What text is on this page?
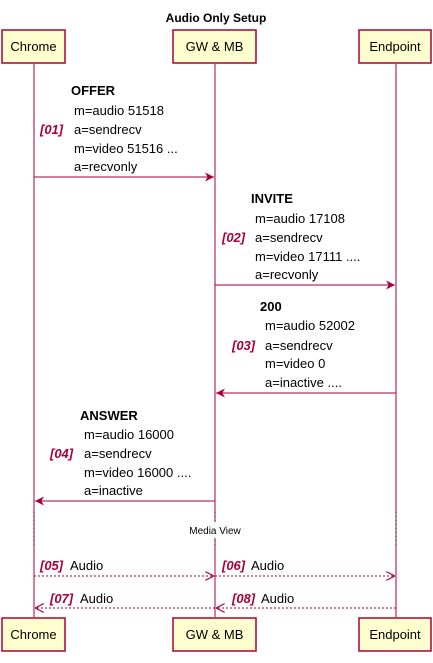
Audio Only Setup
Chrome	GW & MB	Endpoint
OFFER
m=audio 51518
[01] a=sendrecv
m=video 51516 ...
a=recvonly
INVITE
m=audio 17108
[02] a=sendrecv
m=video 17111 ....
a=recvonly
200
m=audio 52002
[03] a=sendrecv
m=video 0
a=inactive ....
ANSWER
m=audio 16000
[04] a=sendrecv
m=video 16000 ....
a=inactive
Media View
[05] Audio	[06] Audio
[07] Audio	[08] Audio
Chrome	GW & MB	Endpoint
